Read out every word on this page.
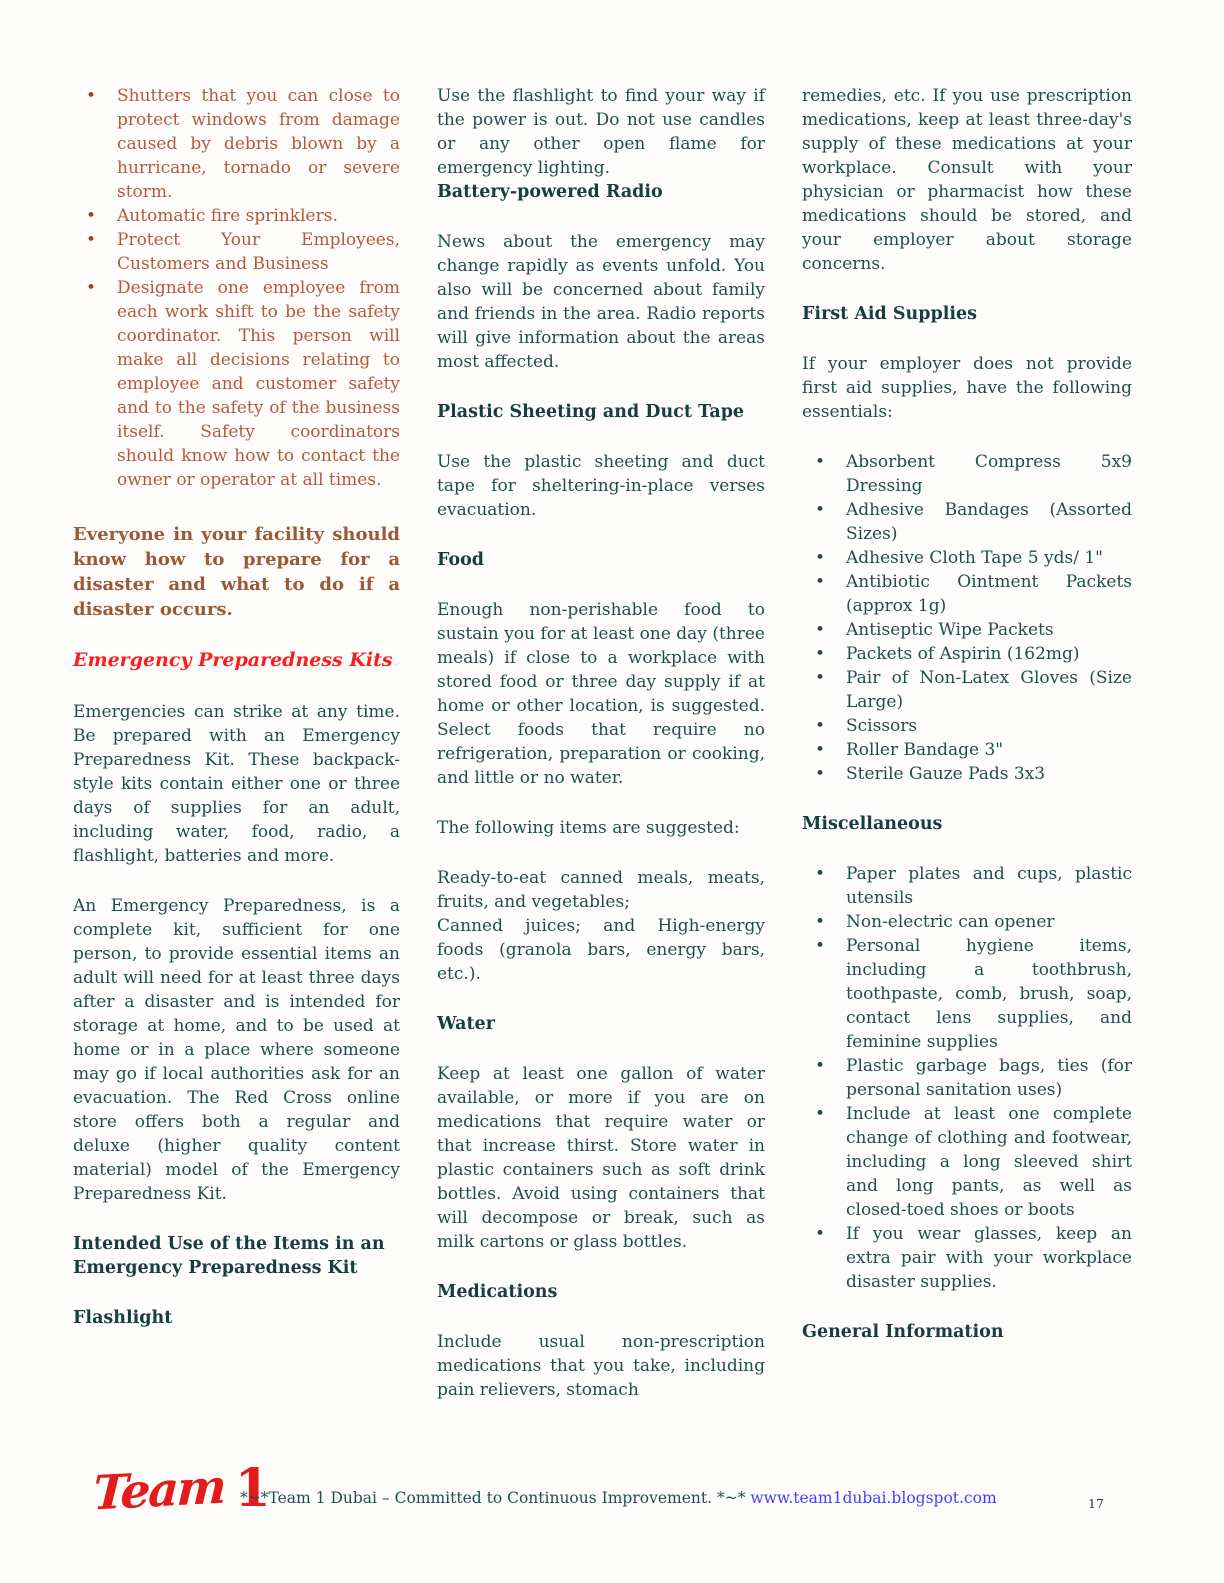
• Shutters that you can close to protect windows from damage caused by debris blown by a hurricane, tornado or severe storm.
• Automatic fire sprinklers.
• Protect Your Employees, Customers and Business
• Designate one employee from each work shift to be the safety coordinator. This person will make all decisions relating to employee and customer safety and to the safety of the business itself. Safety coordinators should know how to contact the owner or operator at all times.

Everyone in your facility should know how to prepare for a disaster and what to do if a disaster occurs.

Emergency Preparedness Kits

Emergencies can strike at any time. Be prepared with an Emergency Preparedness Kit. These backpack-style kits contain either one or three days of supplies for an adult, including water, food, radio, a flashlight, batteries and more.

An Emergency Preparedness, is a complete kit, sufficient for one person, to provide essential items an adult will need for at least three days after a disaster and is intended for storage at home, and to be used at home or in a place where someone may go if local authorities ask for an evacuation. The Red Cross online store offers both a regular and deluxe (higher quality content material) model of the Emergency Preparedness Kit.

Intended Use of the Items in an Emergency Preparedness Kit
Flashlight

Use the flashlight to find your way if the power is out. Do not use candles or any other open flame for emergency lighting.

Battery-powered Radio

News about the emergency may change rapidly as events unfold. You also will be concerned about family and friends in the area. Radio reports will give information about the areas most affected.

Plastic Sheeting and Duct Tape

Use the plastic sheeting and duct tape for sheltering-in-place verses evacuation.

Food

Enough non-perishable food to sustain you for at least one day (three meals) if close to a workplace with stored food or three day supply if at home or other location, is suggested. Select foods that require no refrigeration, preparation or cooking, and little or no water.

The following items are suggested:

Ready-to-eat canned meals, meats, fruits, and vegetables;
Canned juices; and High-energy foods (granola bars, energy bars, etc.).

Water

Keep at least one gallon of water available, or more if you are on medications that require water or that increase thirst. Store water in plastic containers such as soft drink bottles. Avoid using containers that will decompose or break, such as milk cartons or glass bottles.

Medications

Include usual non-prescription medications that you take, including pain relievers, stomach

remedies, etc. If you use prescription medications, keep at least three-day's supply of these medications at your workplace. Consult with your physician or pharmacist how these medications should be stored, and your employer about storage concerns.

First Aid Supplies

If your employer does not provide first aid supplies, have the following essentials:

• Absorbent Compress 5x9 Dressing
• Adhesive Bandages (Assorted Sizes)
• Adhesive Cloth Tape 5 yds/ 1"
• Antibiotic Ointment Packets (approx 1g)
• Antiseptic Wipe Packets
• Packets of Aspirin (162mg)
• Pair of Non-Latex Gloves (Size Large)
• Scissors
• Roller Bandage 3"
• Sterile Gauze Pads 3x3
Miscellaneous
• Paper plates and cups, plastic utensils
• Non-electric can opener
• Personal hygiene items, including a toothbrush, toothpaste, comb, brush, soap, contact lens supplies, and feminine supplies
• Plastic garbage bags, ties (for personal sanitation uses)
• Include at least one complete change of clothing and footwear, including a long sleeved shirt and long pants, as well as closed-toed shoes or boots
• If you wear glasses, keep an extra pair with your workplace disaster supplies.
General Information
Team 1
*~*Team 1 Dubai – Committed to Continuous Improvement. *~* www.team1dubai.blogspot.com	17
